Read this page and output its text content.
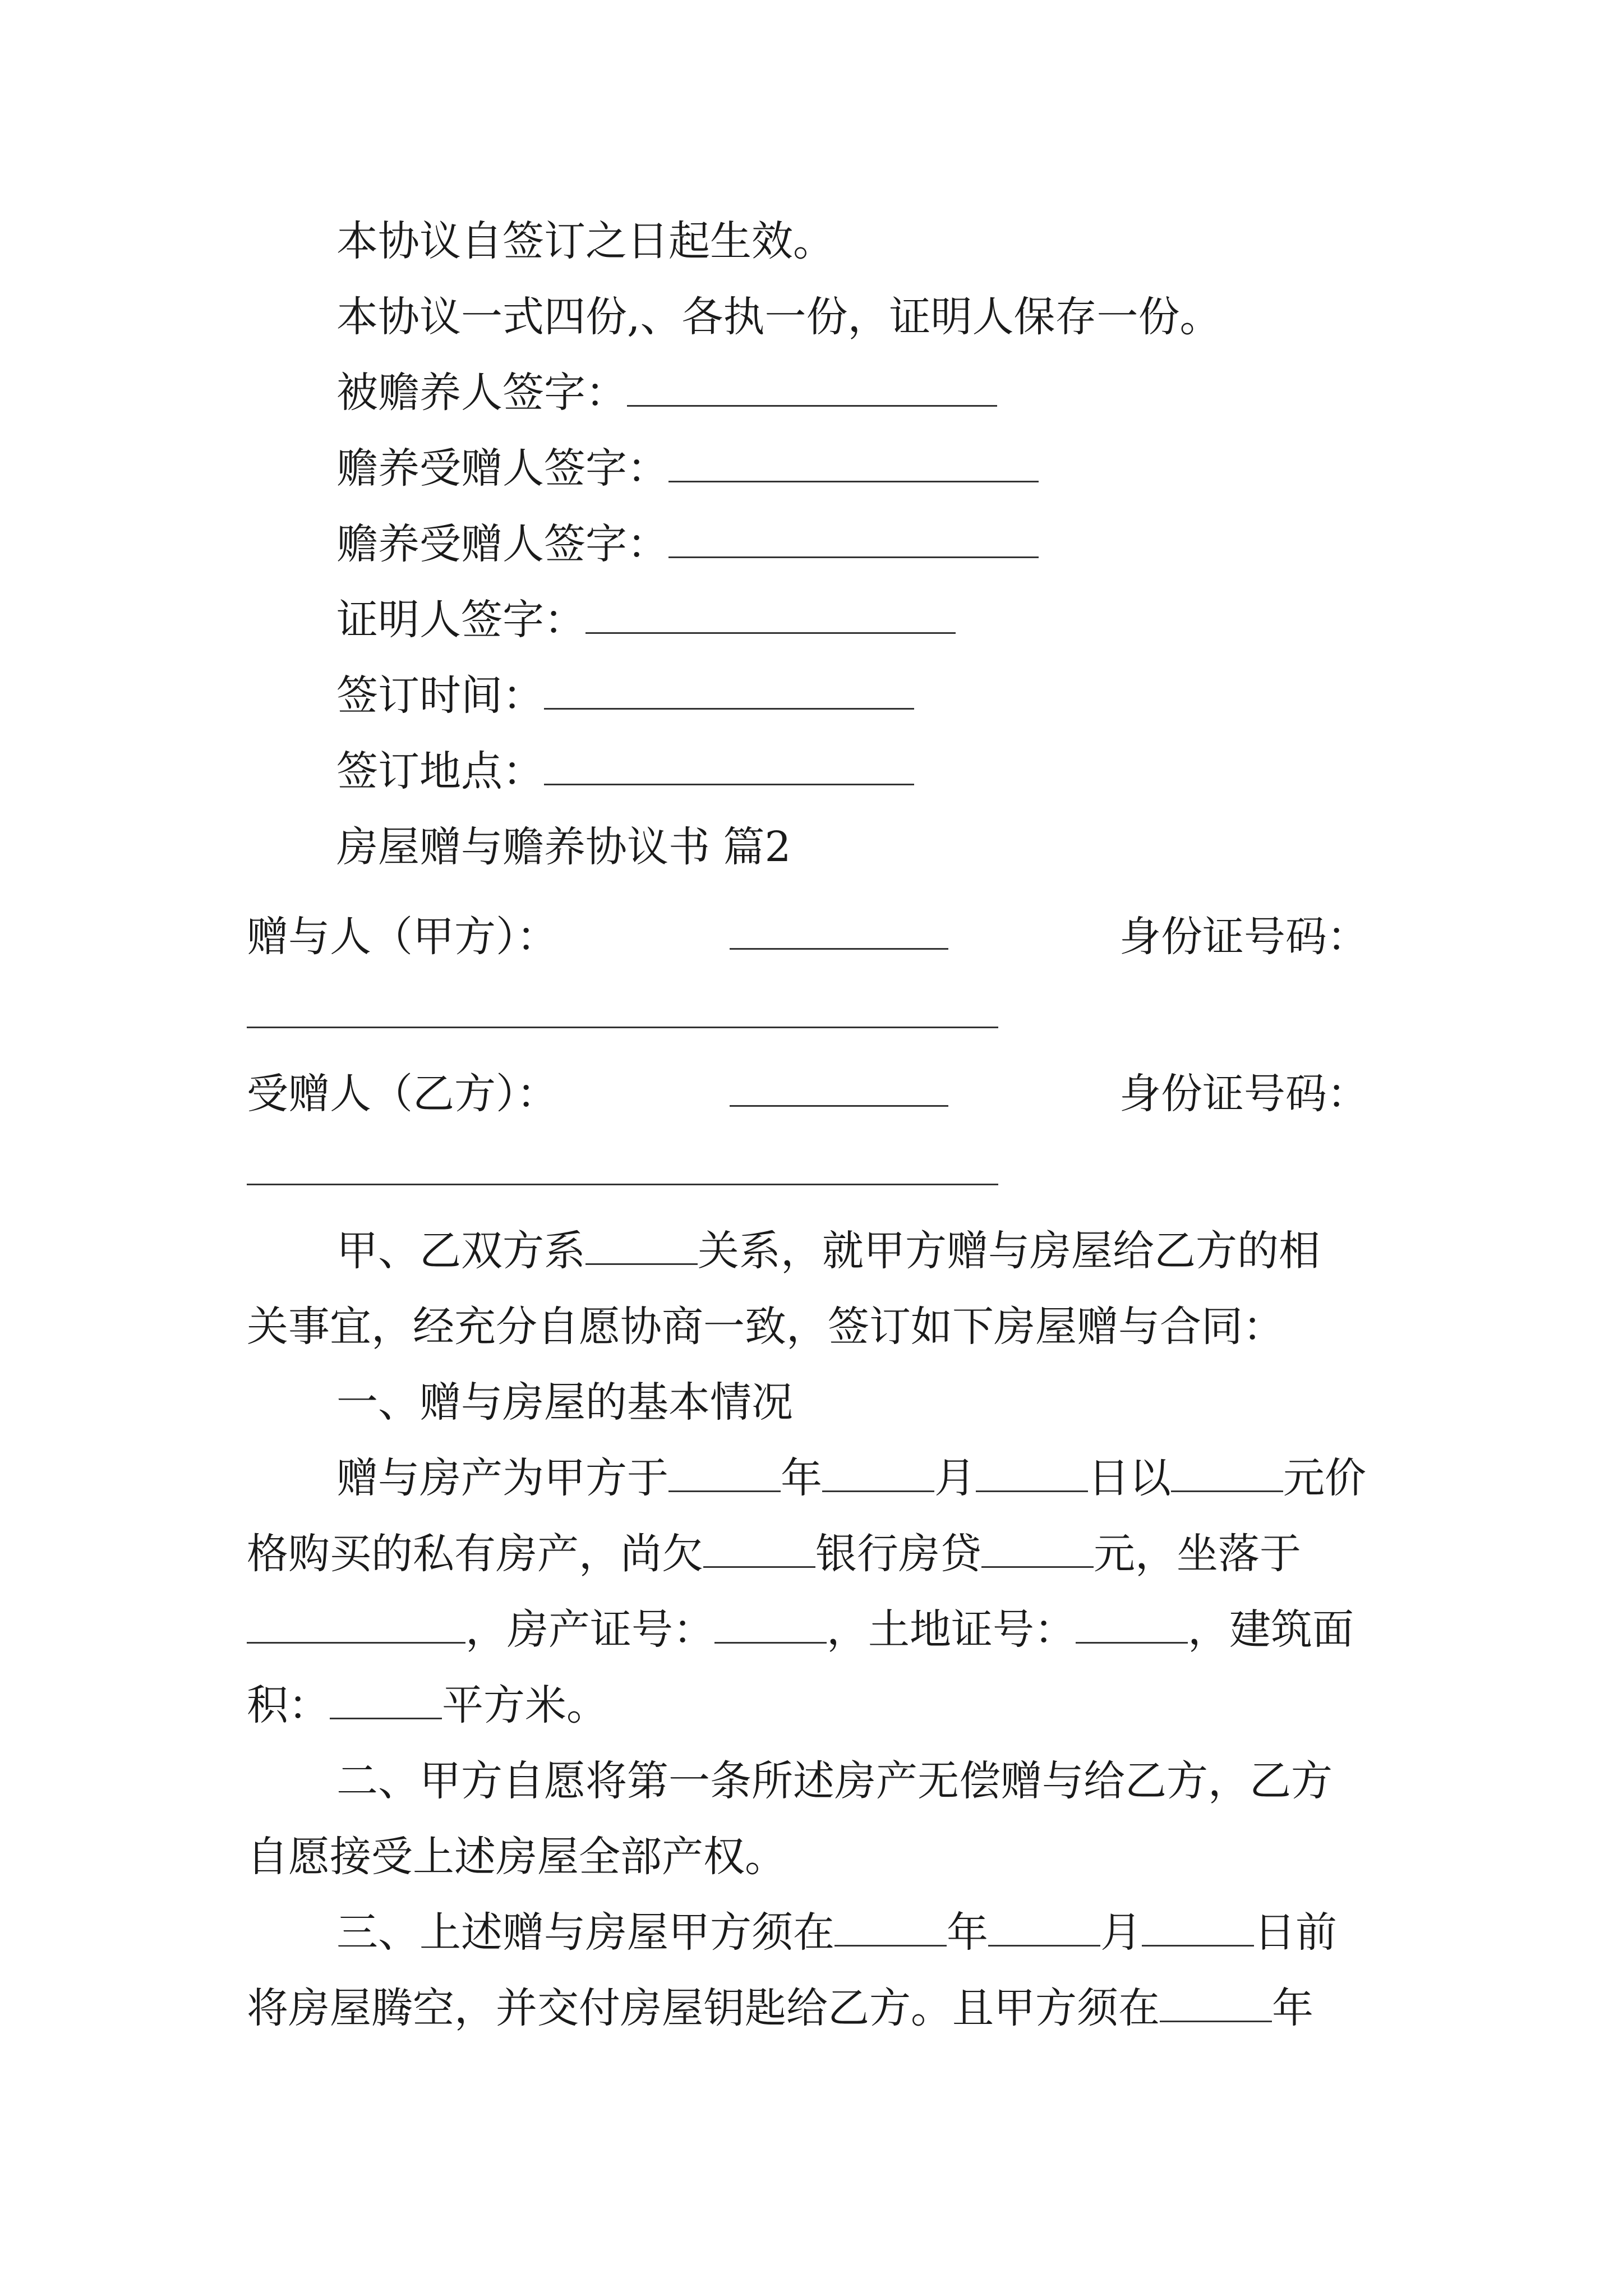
本协议自签订之日起生效。
本协议一式四份,、各执一份，证明人保存一份。
被赡养人签字：
赡养受赠人签字：
赡养受赠人签字：
证明人签字：
签订时间：
签订地点：
房屋赠与赡养协议书 篇2
赠与人（甲方）：	身份证号码：
受赠人（乙方）：	身份证号码：
甲、乙双方系	关系，就甲方赠与房屋给乙方的相
关事宜，经充分自愿协商一致，签订如下房屋赠与合同：
一、赠与房屋的基本情况
赠与房产为甲方于	年	月	日以	元价
格购买的私有房产，尚欠	银行房贷	元，坐落于
，房产证号：	，土地证号：	，建筑面
积：	平方米。
二、甲方自愿将第一条所述房产无偿赠与给乙方，乙方
自愿接受上述房屋全部产权。
三、上述赠与房屋甲方须在	年	月	日前
将房屋腾空，并交付房屋钥匙给乙方。且甲方须在	年
